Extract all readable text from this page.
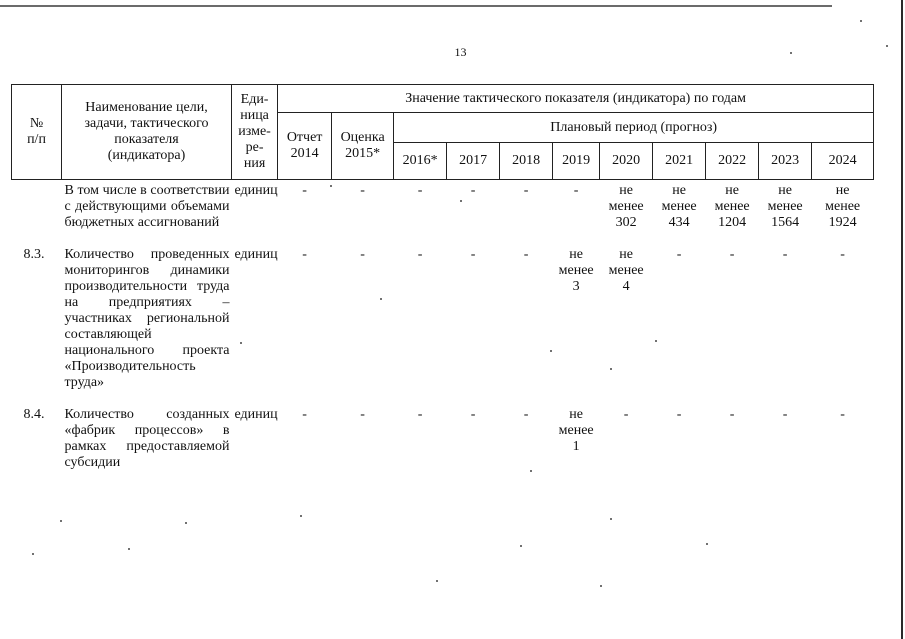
13
№
п/п	Наименование цели,
задачи, тактического
показателя
(индикатора)	Еди-
ница
изме-
ре-
ния	Значение тактического показателя (индикатора) по годам										
			Отчет
2014	Оценка
2015*	Плановый период (прогноз)								
					2016*	2017	2018	2019	2020	2021	2022	2023	2024
	В том числе в соответствии с действующими объемами бюджетных ассигнований	единиц	-	-	-	-	-	-	не
менее
302	не
менее
434	не
менее
1204	не
менее
1564	не
менее
1924
8.3.	Количество проведенных мониторингов динамики производительности труда на предприятиях – участниках региональной составляющей национального проекта «Производительность труда»	единиц	-	-	-	-	-	не
менее
3	не
менее
4	-	-	-	-
8.4.	Количество созданных «фабрик процессов» в рамках предоставляемой субсидии	единиц	-	-	-	-	-	не
менее
1	-	-	-	-	-
